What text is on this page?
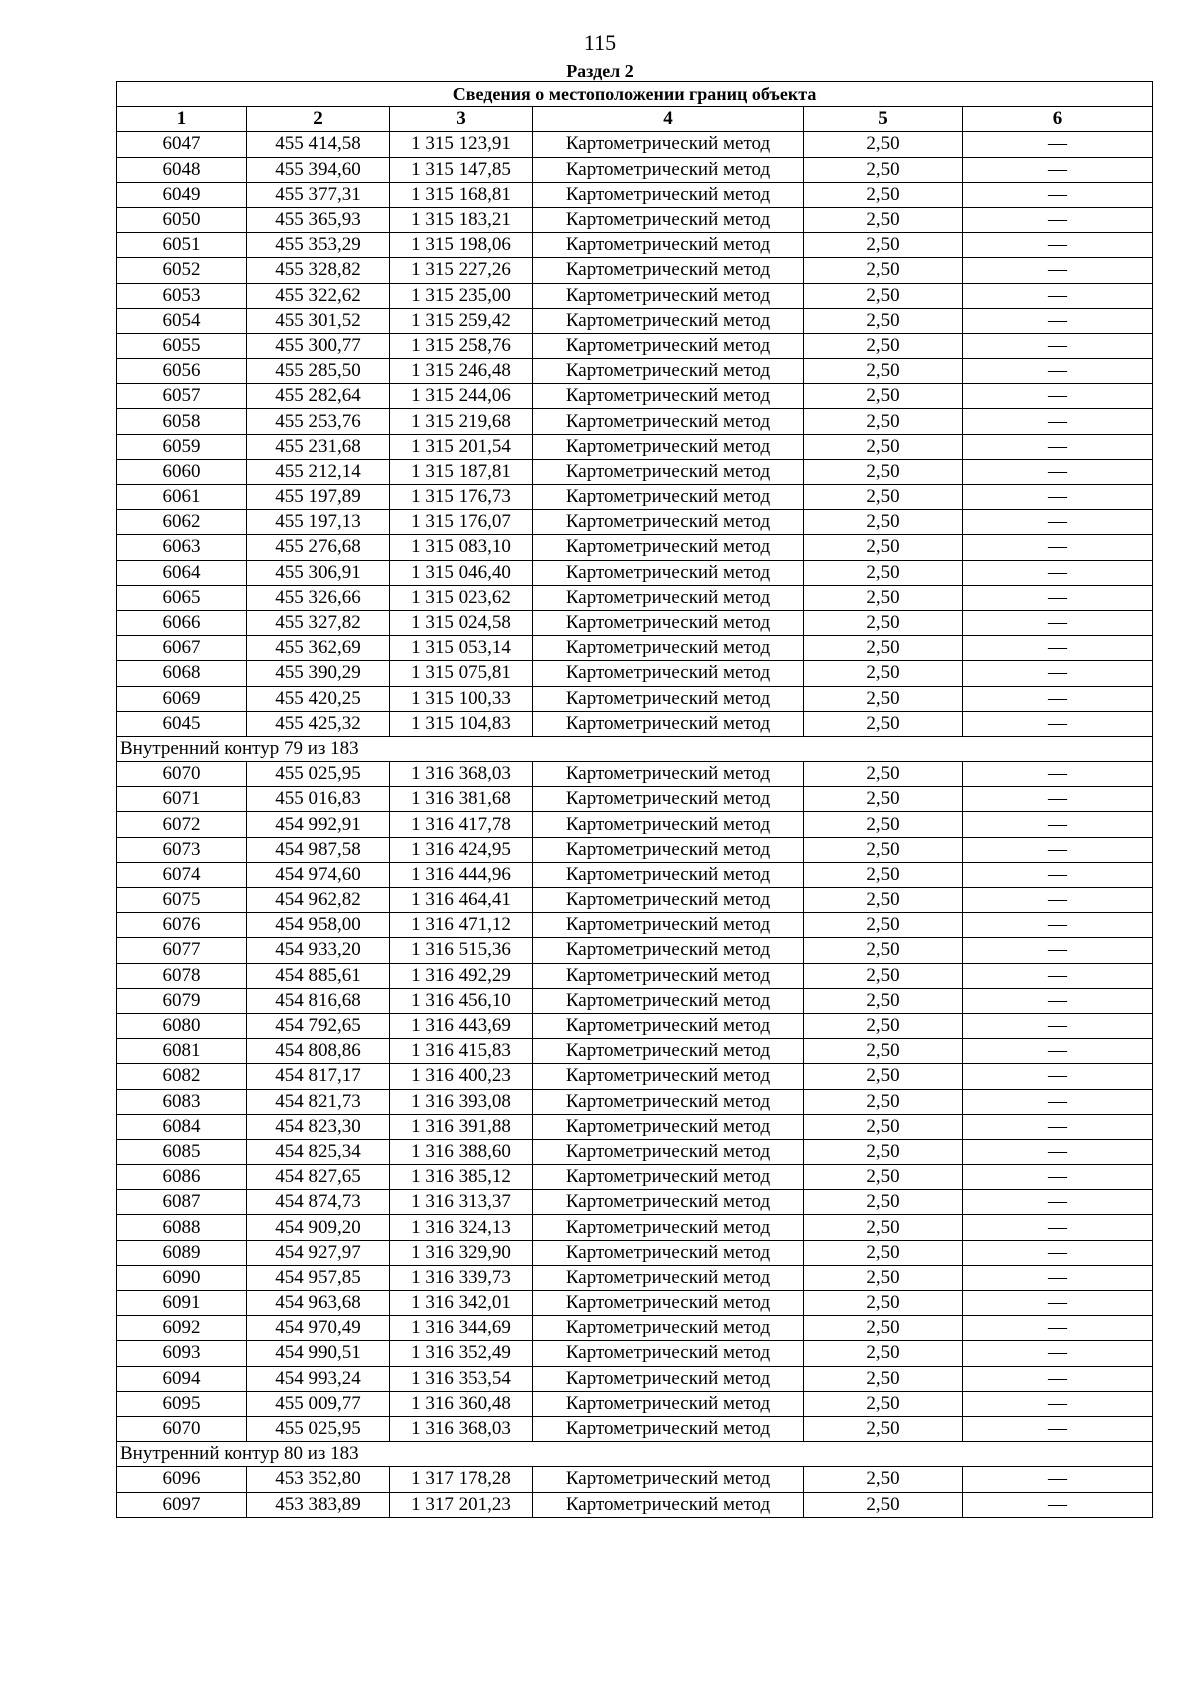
115
Раздел 2
Сведения о местоположении границ объекта					
1	2	3	4	5	6
6047	455 414,58	1 315 123,91	Картометрический метод	2,50	—
6048	455 394,60	1 315 147,85	Картометрический метод	2,50	—
6049	455 377,31	1 315 168,81	Картометрический метод	2,50	—
6050	455 365,93	1 315 183,21	Картометрический метод	2,50	—
6051	455 353,29	1 315 198,06	Картометрический метод	2,50	—
6052	455 328,82	1 315 227,26	Картометрический метод	2,50	—
6053	455 322,62	1 315 235,00	Картометрический метод	2,50	—
6054	455 301,52	1 315 259,42	Картометрический метод	2,50	—
6055	455 300,77	1 315 258,76	Картометрический метод	2,50	—
6056	455 285,50	1 315 246,48	Картометрический метод	2,50	—
6057	455 282,64	1 315 244,06	Картометрический метод	2,50	—
6058	455 253,76	1 315 219,68	Картометрический метод	2,50	—
6059	455 231,68	1 315 201,54	Картометрический метод	2,50	—
6060	455 212,14	1 315 187,81	Картометрический метод	2,50	—
6061	455 197,89	1 315 176,73	Картометрический метод	2,50	—
6062	455 197,13	1 315 176,07	Картометрический метод	2,50	—
6063	455 276,68	1 315 083,10	Картометрический метод	2,50	—
6064	455 306,91	1 315 046,40	Картометрический метод	2,50	—
6065	455 326,66	1 315 023,62	Картометрический метод	2,50	—
6066	455 327,82	1 315 024,58	Картометрический метод	2,50	—
6067	455 362,69	1 315 053,14	Картометрический метод	2,50	—
6068	455 390,29	1 315 075,81	Картометрический метод	2,50	—
6069	455 420,25	1 315 100,33	Картометрический метод	2,50	—
6045	455 425,32	1 315 104,83	Картометрический метод	2,50	—
Внутренний контур 79 из 183					
6070	455 025,95	1 316 368,03	Картометрический метод	2,50	—
6071	455 016,83	1 316 381,68	Картометрический метод	2,50	—
6072	454 992,91	1 316 417,78	Картометрический метод	2,50	—
6073	454 987,58	1 316 424,95	Картометрический метод	2,50	—
6074	454 974,60	1 316 444,96	Картометрический метод	2,50	—
6075	454 962,82	1 316 464,41	Картометрический метод	2,50	—
6076	454 958,00	1 316 471,12	Картометрический метод	2,50	—
6077	454 933,20	1 316 515,36	Картометрический метод	2,50	—
6078	454 885,61	1 316 492,29	Картометрический метод	2,50	—
6079	454 816,68	1 316 456,10	Картометрический метод	2,50	—
6080	454 792,65	1 316 443,69	Картометрический метод	2,50	—
6081	454 808,86	1 316 415,83	Картометрический метод	2,50	—
6082	454 817,17	1 316 400,23	Картометрический метод	2,50	—
6083	454 821,73	1 316 393,08	Картометрический метод	2,50	—
6084	454 823,30	1 316 391,88	Картометрический метод	2,50	—
6085	454 825,34	1 316 388,60	Картометрический метод	2,50	—
6086	454 827,65	1 316 385,12	Картометрический метод	2,50	—
6087	454 874,73	1 316 313,37	Картометрический метод	2,50	—
6088	454 909,20	1 316 324,13	Картометрический метод	2,50	—
6089	454 927,97	1 316 329,90	Картометрический метод	2,50	—
6090	454 957,85	1 316 339,73	Картометрический метод	2,50	—
6091	454 963,68	1 316 342,01	Картометрический метод	2,50	—
6092	454 970,49	1 316 344,69	Картометрический метод	2,50	—
6093	454 990,51	1 316 352,49	Картометрический метод	2,50	—
6094	454 993,24	1 316 353,54	Картометрический метод	2,50	—
6095	455 009,77	1 316 360,48	Картометрический метод	2,50	—
6070	455 025,95	1 316 368,03	Картометрический метод	2,50	—
Внутренний контур 80 из 183					
6096	453 352,80	1 317 178,28	Картометрический метод	2,50	—
6097	453 383,89	1 317 201,23	Картометрический метод	2,50	—
